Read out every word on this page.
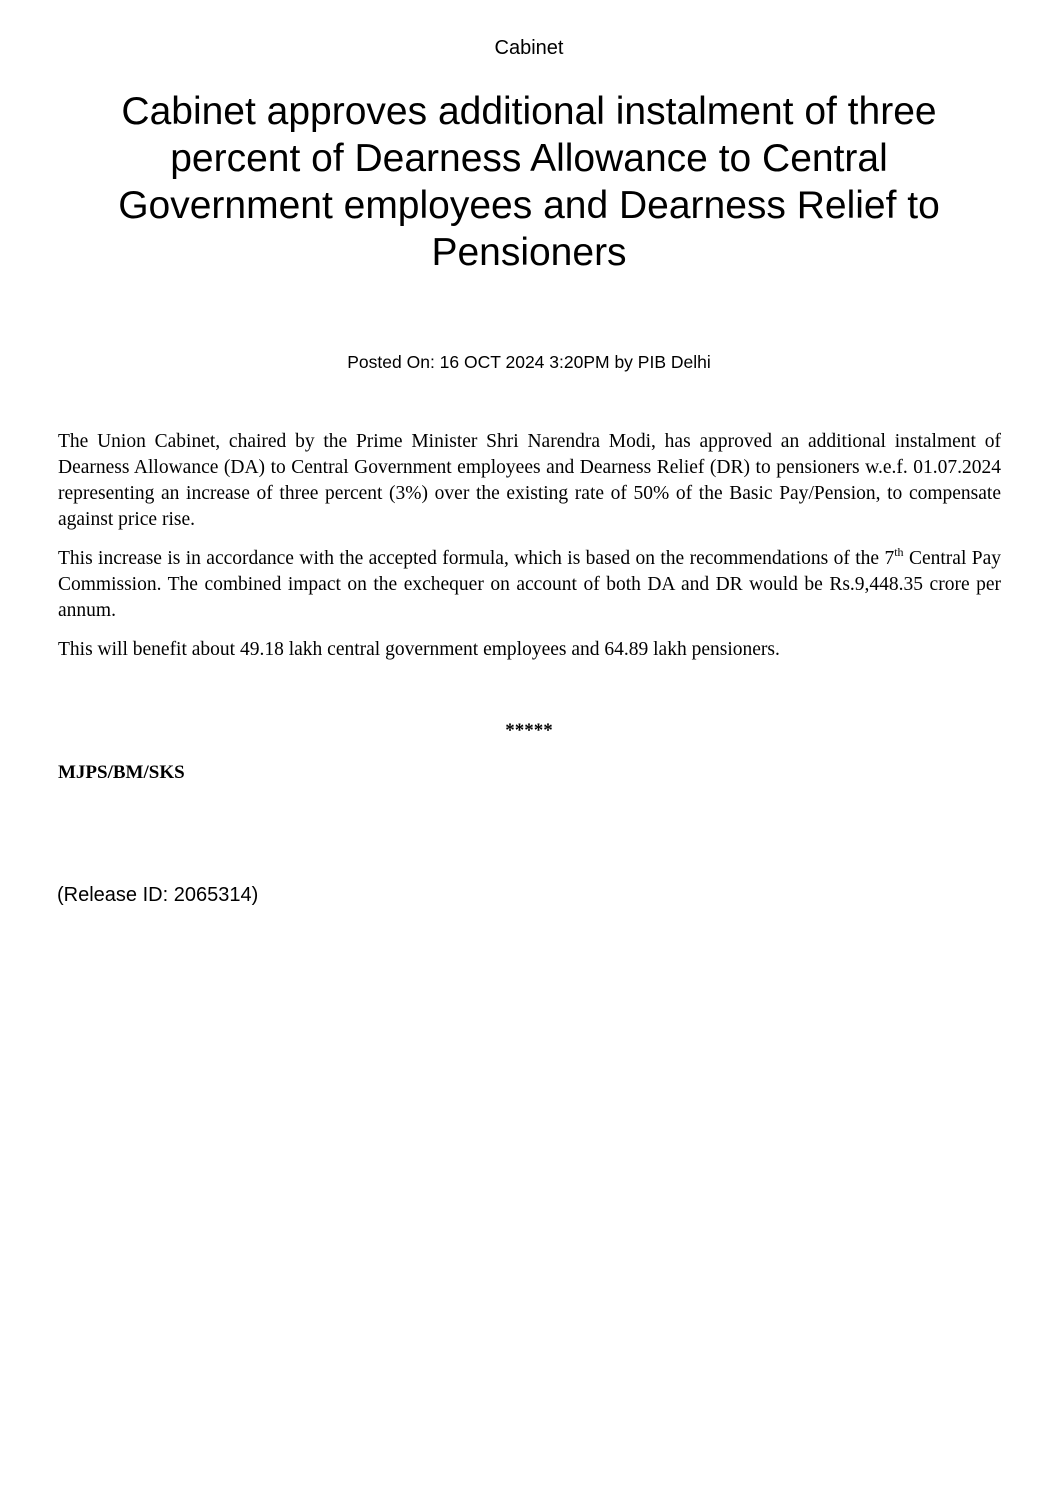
Cabinet
Cabinet approves additional instalment of three percent of Dearness Allowance to Central Government employees and Dearness Relief to Pensioners
Posted On: 16 OCT 2024 3:20PM by PIB Delhi

The Union Cabinet, chaired by the Prime Minister Shri Narendra Modi, has approved an additional instalment of Dearness Allowance (DA) to Central Government employees and Dearness Relief (DR) to pensioners w.e.f. 01.07.2024 representing an increase of three percent (3%) over the existing rate of 50% of the Basic Pay/Pension, to compensate against price rise.

This increase is in accordance with the accepted formula, which is based on the recommendations of the 7th Central Pay Commission. The combined impact on the exchequer on account of both DA and DR would be Rs.9,448.35 crore per annum.

This will benefit about 49.18 lakh central government employees and 64.89 lakh pensioners.

*****
MJPS/BM/SKS
(Release ID: 2065314)
